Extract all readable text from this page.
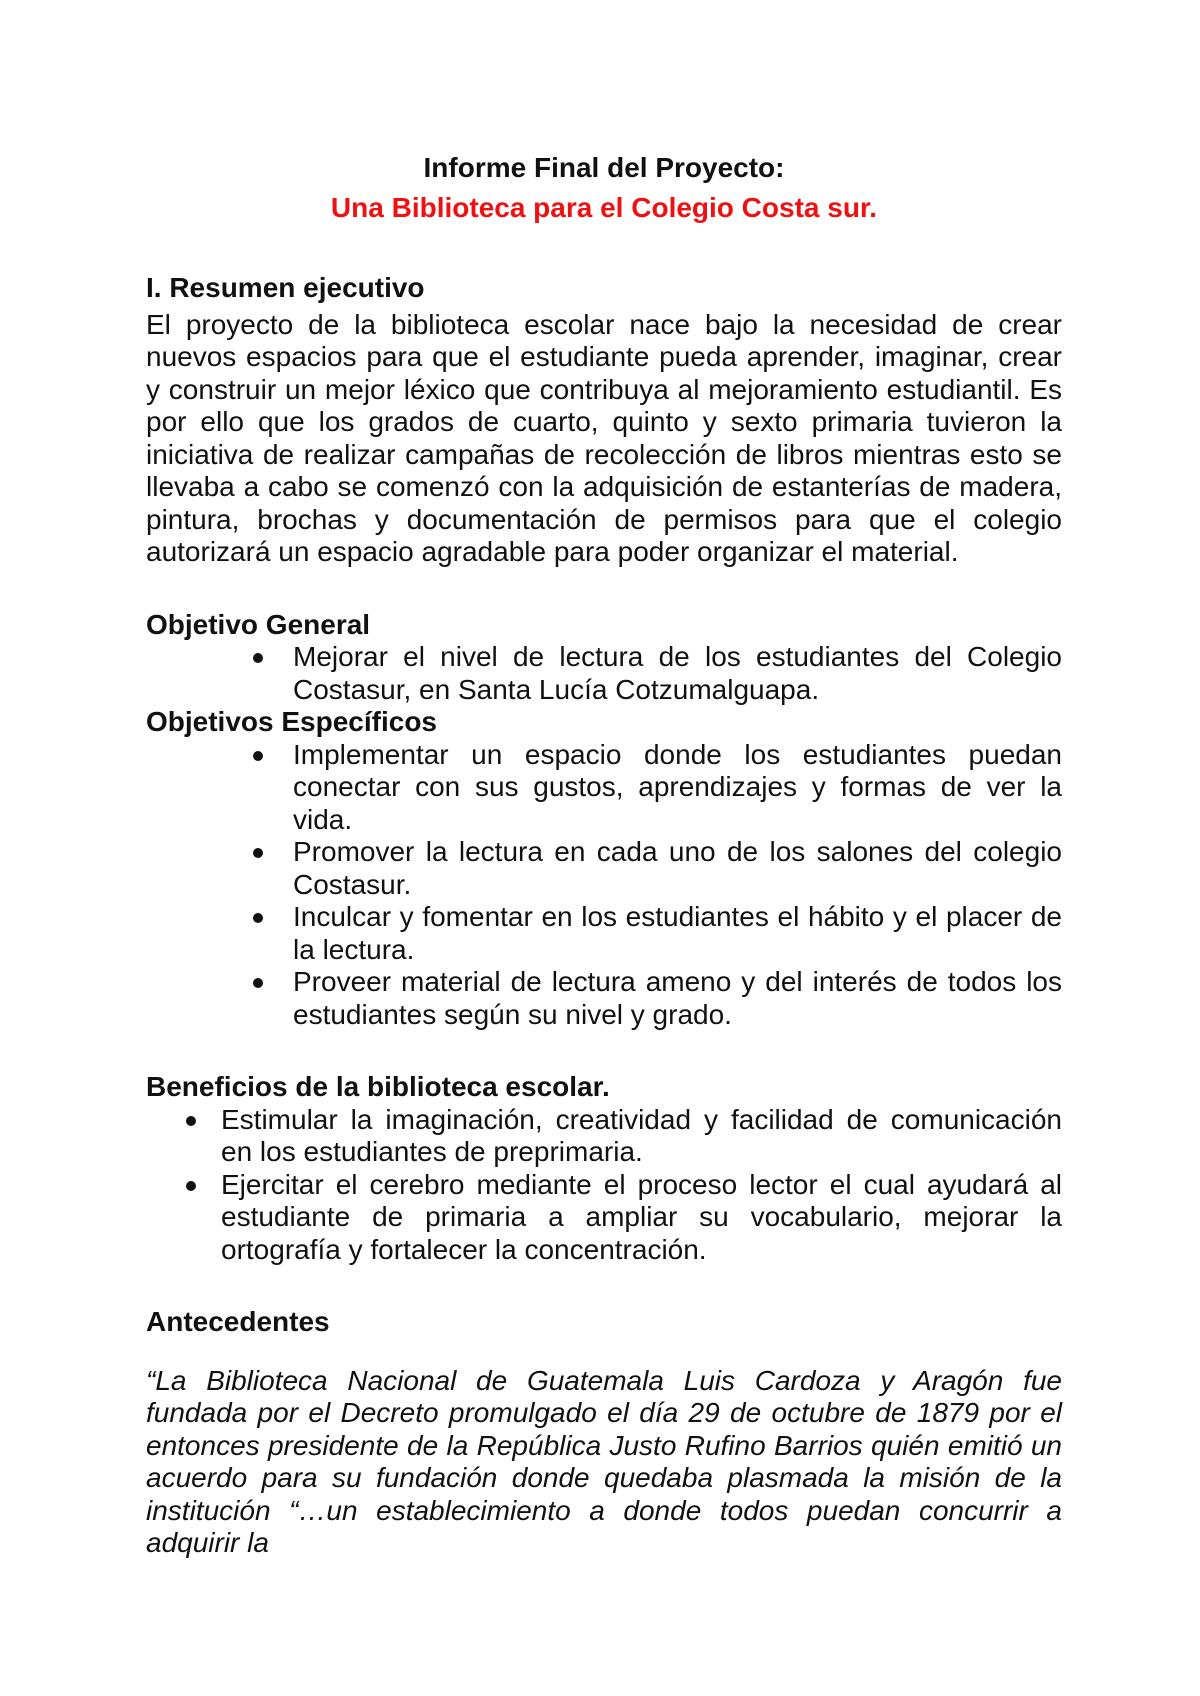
Informe Final del Proyecto:

Una Biblioteca para el Colegio Costa sur.

I. Resumen ejecutivo

El proyecto de la biblioteca escolar nace bajo la necesidad de crear nuevos espacios para que el estudiante pueda aprender, imaginar, crear y construir un mejor léxico que contribuya al mejoramiento estudiantil. Es por ello que los grados de cuarto, quinto y sexto primaria tuvieron la iniciativa de realizar campañas de recolección de libros mientras esto se llevaba a cabo se comenzó con la adquisición de estanterías de madera, pintura, brochas y documentación de permisos para que el colegio autorizará un espacio agradable para poder organizar el material.

Objetivo General

Mejorar el nivel de lectura de los estudiantes del Colegio Costasur, en Santa Lucía Cotzumalguapa.

Objetivos Específicos

Implementar un espacio donde los estudiantes puedan conectar con sus gustos, aprendizajes y formas de ver la vida.
Promover la lectura en cada uno de los salones del colegio Costasur.
Inculcar y fomentar en los estudiantes el hábito y el placer de la lectura.
Proveer material de lectura ameno y del interés de todos los estudiantes según su nivel y grado.

Beneficios de la biblioteca escolar.

Estimular la imaginación, creatividad y facilidad de comunicación en los estudiantes de preprimaria.
Ejercitar el cerebro mediante el proceso lector el cual ayudará al estudiante de primaria a ampliar su vocabulario, mejorar la ortografía y fortalecer la concentración.

Antecedentes

“La Biblioteca Nacional de Guatemala Luis Cardoza y Aragón fue fundada por el Decreto promulgado el día 29 de octubre de 1879 por el entonces presidente de la República Justo Rufino Barrios quién emitió un acuerdo para su fundación donde quedaba plasmada la misión de la institución “…un establecimiento a donde todos puedan concurrir a adquirir la
